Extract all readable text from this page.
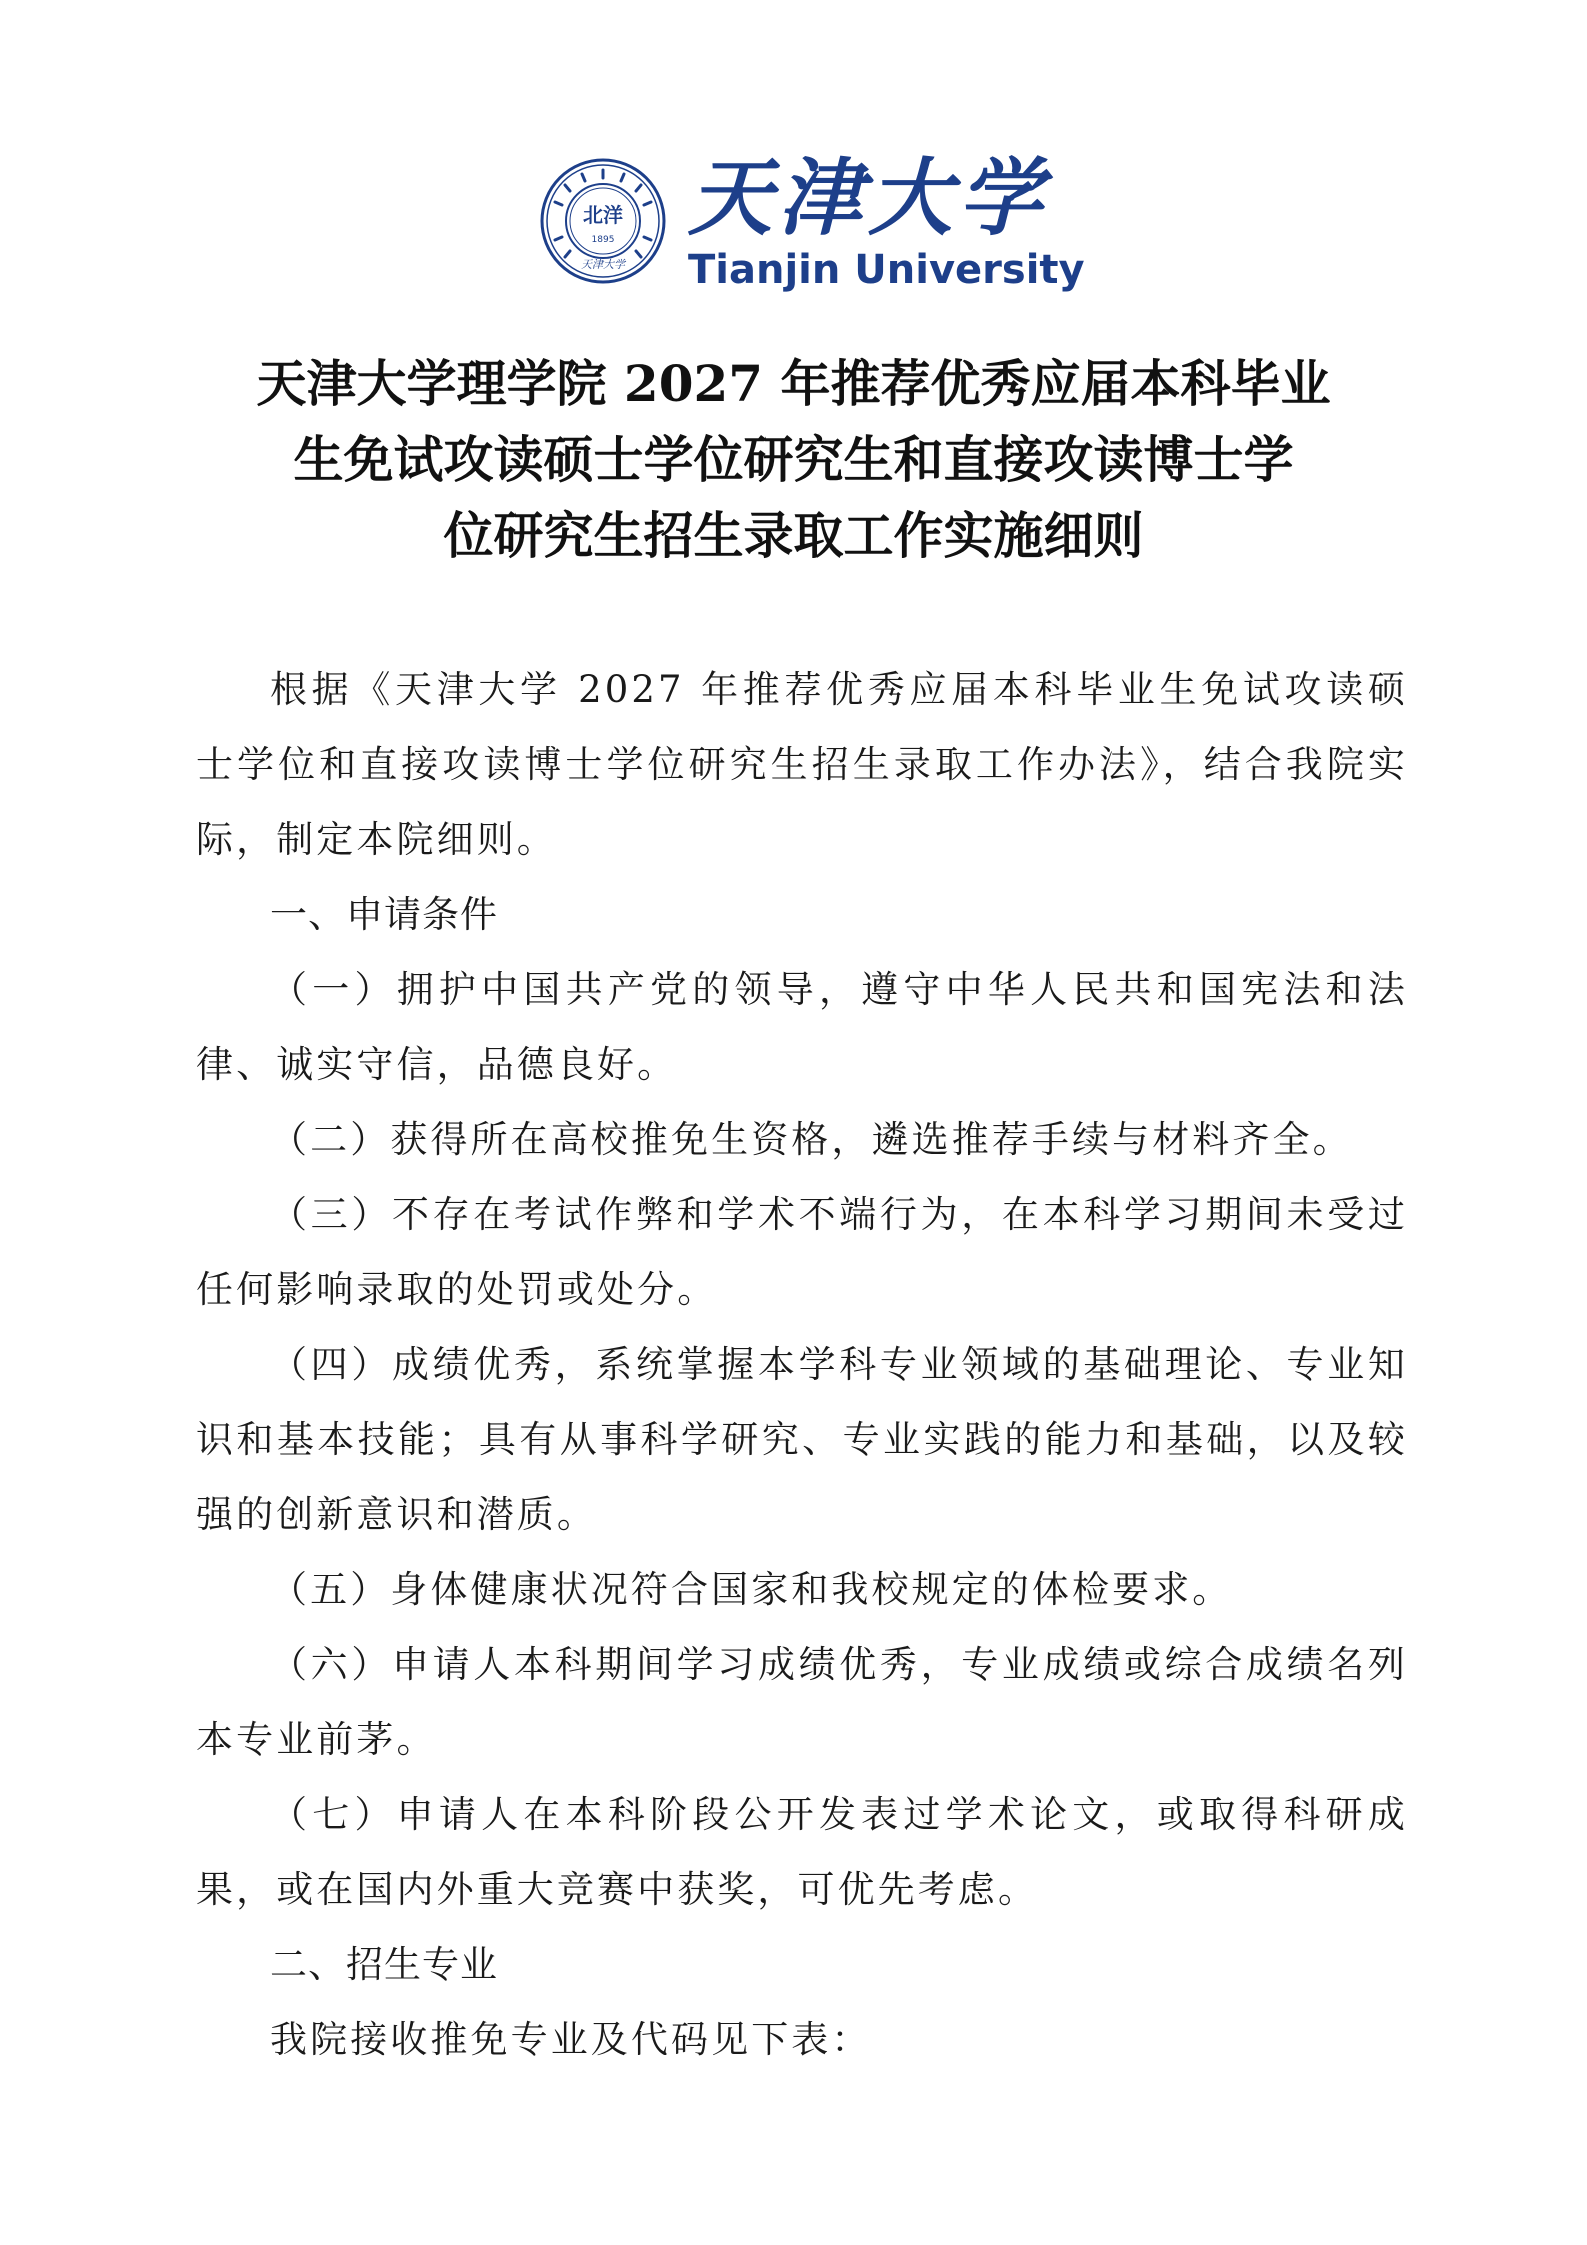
北洋
1895
天津大学
天津大学
Tianjin University
天津大学理学院 2027 年推荐优秀应届本科毕业
生免试攻读硕士学位研究生和直接攻读博士学
位研究生招生录取工作实施细则

根据《天津大学 2027 年推荐优秀应届本科毕业生免试攻读硕士学位和直接攻读博士学位研究生招生录取工作办法》，结合我院实际，制定本院细则。

一、申请条件

（一）拥护中国共产党的领导，遵守中华人民共和国宪法和法律、诚实守信，品德良好。

（二）获得所在高校推免生资格，遴选推荐手续与材料齐全。

（三）不存在考试作弊和学术不端行为，在本科学习期间未受过任何影响录取的处罚或处分。

（四）成绩优秀，系统掌握本学科专业领域的基础理论、专业知识和基本技能；具有从事科学研究、专业实践的能力和基础，以及较强的创新意识和潜质。

（五）身体健康状况符合国家和我校规定的体检要求。

（六）申请人本科期间学习成绩优秀，专业成绩或综合成绩名列本专业前茅。

（七）申请人在本科阶段公开发表过学术论文，或取得科研成果，或在国内外重大竞赛中获奖，可优先考虑。

二、招生专业

我院接收推免专业及代码见下表：
